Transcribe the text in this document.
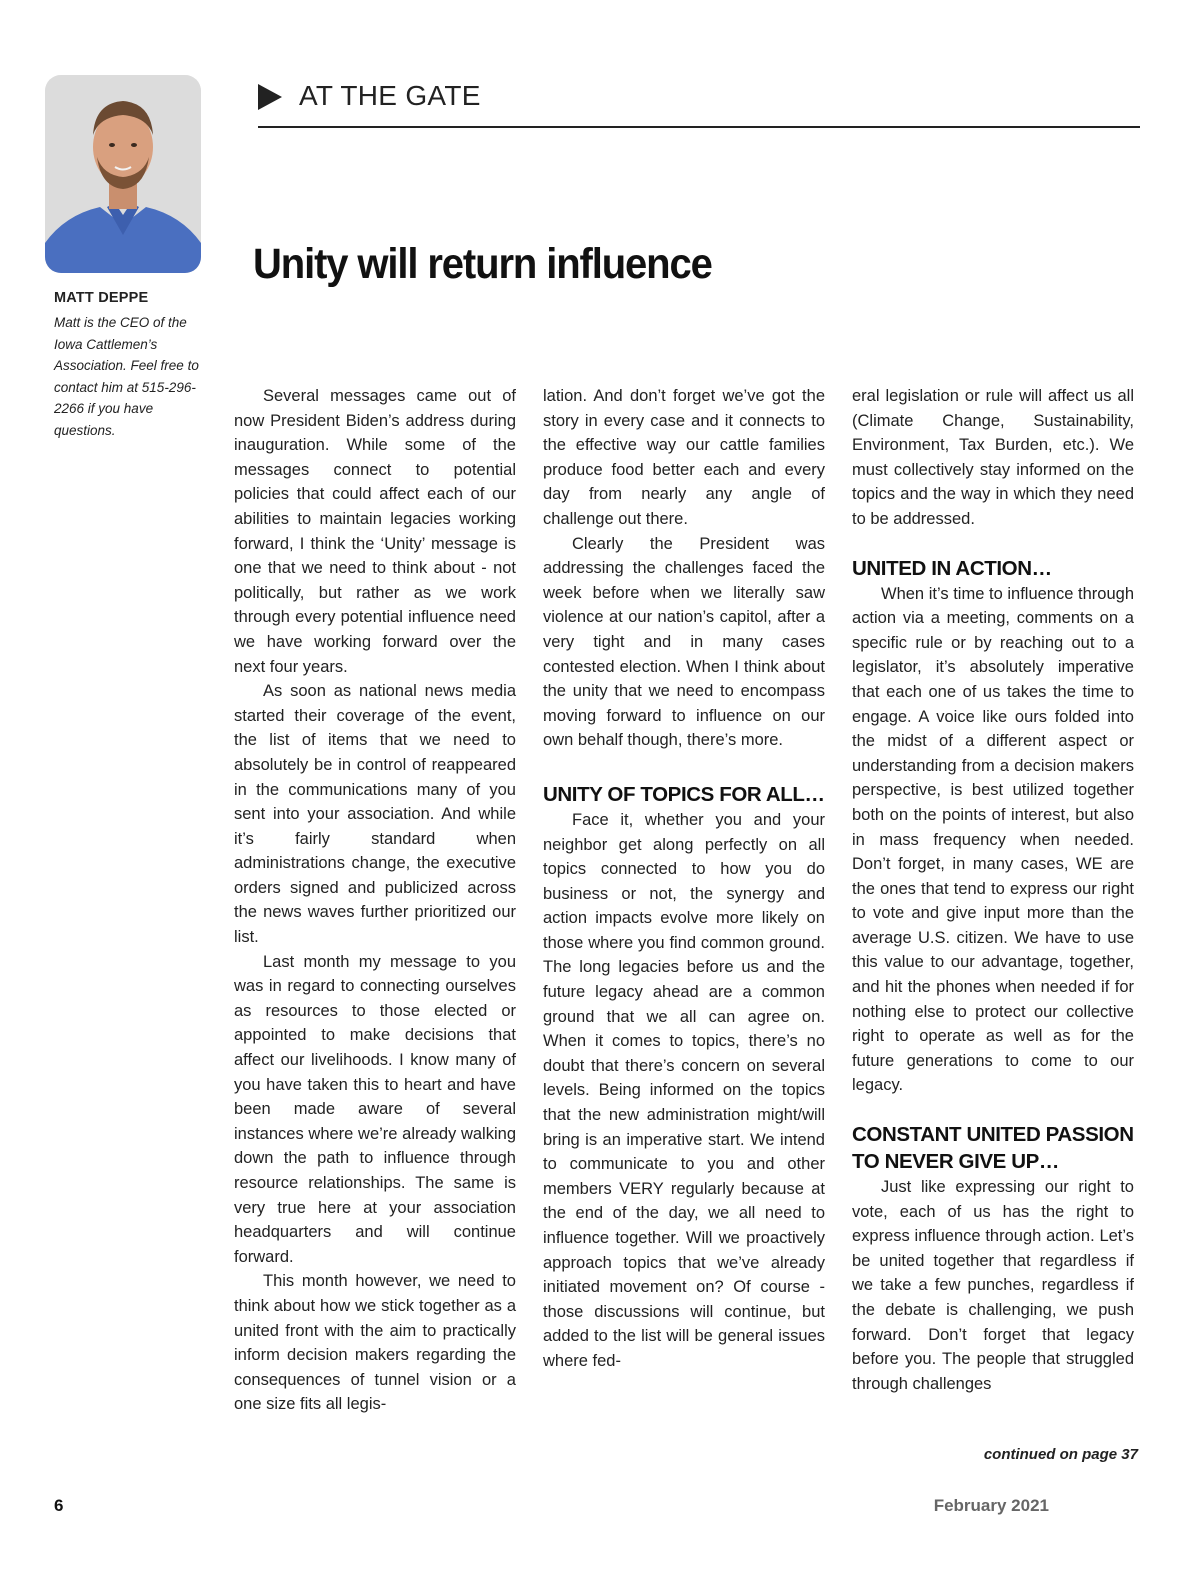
MATT DEPPE
Matt is the CEO of the Iowa Cattlemen’s Association. Feel free to contact him at 515-296-2266 if you have questions.
AT THE GATE
Unity will return influence

Several messages came out of now President Biden’s address during inauguration. While some of the messages connect to potential policies that could affect each of our abilities to maintain legacies working forward, I think the ‘Unity’ message is one that we need to think about - not politically, but rather as we work through every potential influence need we have working forward over the next four years.

As soon as national news media started their coverage of the event, the list of items that we need to absolutely be in control of reappeared in the communications many of you sent into your association. And while it’s fairly standard when administrations change, the executive orders signed and publicized across the news waves further prioritized our list.

Last month my message to you was in regard to connecting ourselves as resources to those elected or appointed to make decisions that affect our livelihoods. I know many of you have taken this to heart and have been made aware of several instances where we’re already walking down the path to influence through resource relationships. The same is very true here at your association headquarters and will continue forward.

This month however, we need to think about how we stick together as a united front with the aim to practically inform decision makers regarding the consequences of tunnel vision or a one size fits all legis-

lation. And don’t forget we’ve got the story in every case and it connects to the effective way our cattle families produce food better each and every day from nearly any angle of challenge out there.

Clearly the President was addressing the challenges faced the week before when we literally saw violence at our nation’s capitol, after a very tight and in many cases contested election. When I think about the unity that we need to encompass moving forward to influence on our own behalf though, there’s more.

UNITY OF TOPICS FOR ALL…

Face it, whether you and your neighbor get along perfectly on all topics connected to how you do business or not, the synergy and action impacts evolve more likely on those where you find common ground. The long legacies before us and the future legacy ahead are a common ground that we all can agree on. When it comes to topics, there’s no doubt that there’s concern on several levels. Being informed on the topics that the new administration might/will bring is an imperative start. We intend to communicate to you and other members VERY regularly because at the end of the day, we all need to influence together. Will we proactively approach topics that we’ve already initiated movement on? Of course - those discussions will continue, but added to the list will be general issues where fed-

eral legislation or rule will affect us all (Climate Change, Sustainability, Environment, Tax Burden, etc.). We must collectively stay informed on the topics and the way in which they need to be addressed.

UNITED IN ACTION…

When it’s time to influence through action via a meeting, comments on a specific rule or by reaching out to a legislator, it’s absolutely imperative that each one of us takes the time to engage. A voice like ours folded into the midst of a different aspect or understanding from a decision makers perspective, is best utilized together both on the points of interest, but also in mass frequency when needed. Don’t forget, in many cases, WE are the ones that tend to express our right to vote and give input more than the average U.S. citizen. We have to use this value to our advantage, together, and hit the phones when needed if for nothing else to protect our collective right to operate as well as for the future generations to come to our legacy.

CONSTANT UNITED PASSION TO NEVER GIVE UP…

Just like expressing our right to vote, each of us has the right to express influence through action. Let’s be united together that regardless if we take a few punches, regardless if the debate is challenging, we push forward. Don’t forget that legacy before you. The people that struggled through challenges

continued on page 37
6	February 2021
